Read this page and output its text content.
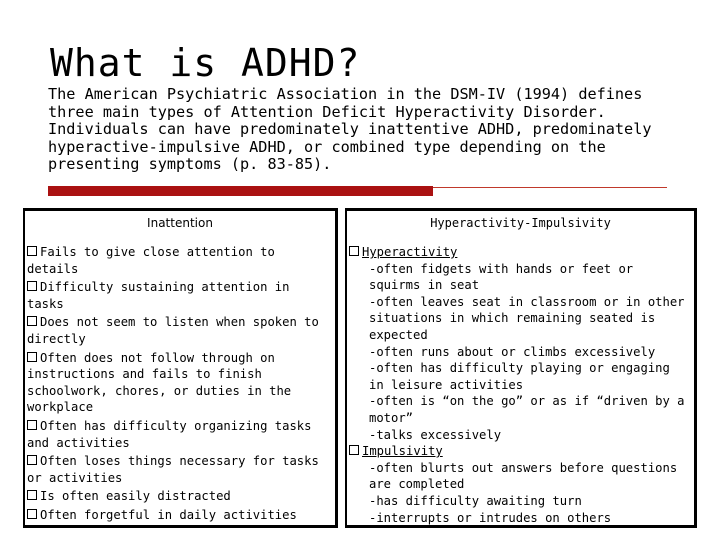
What is ADHD?

The American Psychiatric Association in the DSM-IV (1994) defines three main types of Attention Deficit Hyperactivity Disorder. Individuals can have predominately inattentive ADHD, predominately hyperactive-impulsive ADHD, or combined type depending on the presenting symptoms (p. 83-85).

Inattention
Fails to give close attention to details
Difficulty sustaining attention in tasks
Does not seem to listen when spoken to directly
Often does not follow through on instructions and fails to finish schoolwork, chores, or duties in the workplace
Often has difficulty organizing tasks and activities
Often loses things necessary for tasks or activities
Is often easily distracted
Often forgetful in daily activities
Hyperactivity-Impulsivity
Hyperactivity
-often fidgets with hands or feet or squirms in seat
-often leaves seat in classroom or in other situations in which remaining seated is expected
-often runs about or climbs excessively
-often has difficulty playing or engaging in leisure activities
-often is “on the go” or as if “driven by a motor”
-talks excessively
Impulsivity
-often blurts out answers before questions are completed
-has difficulty awaiting turn
-interrupts or intrudes on others
